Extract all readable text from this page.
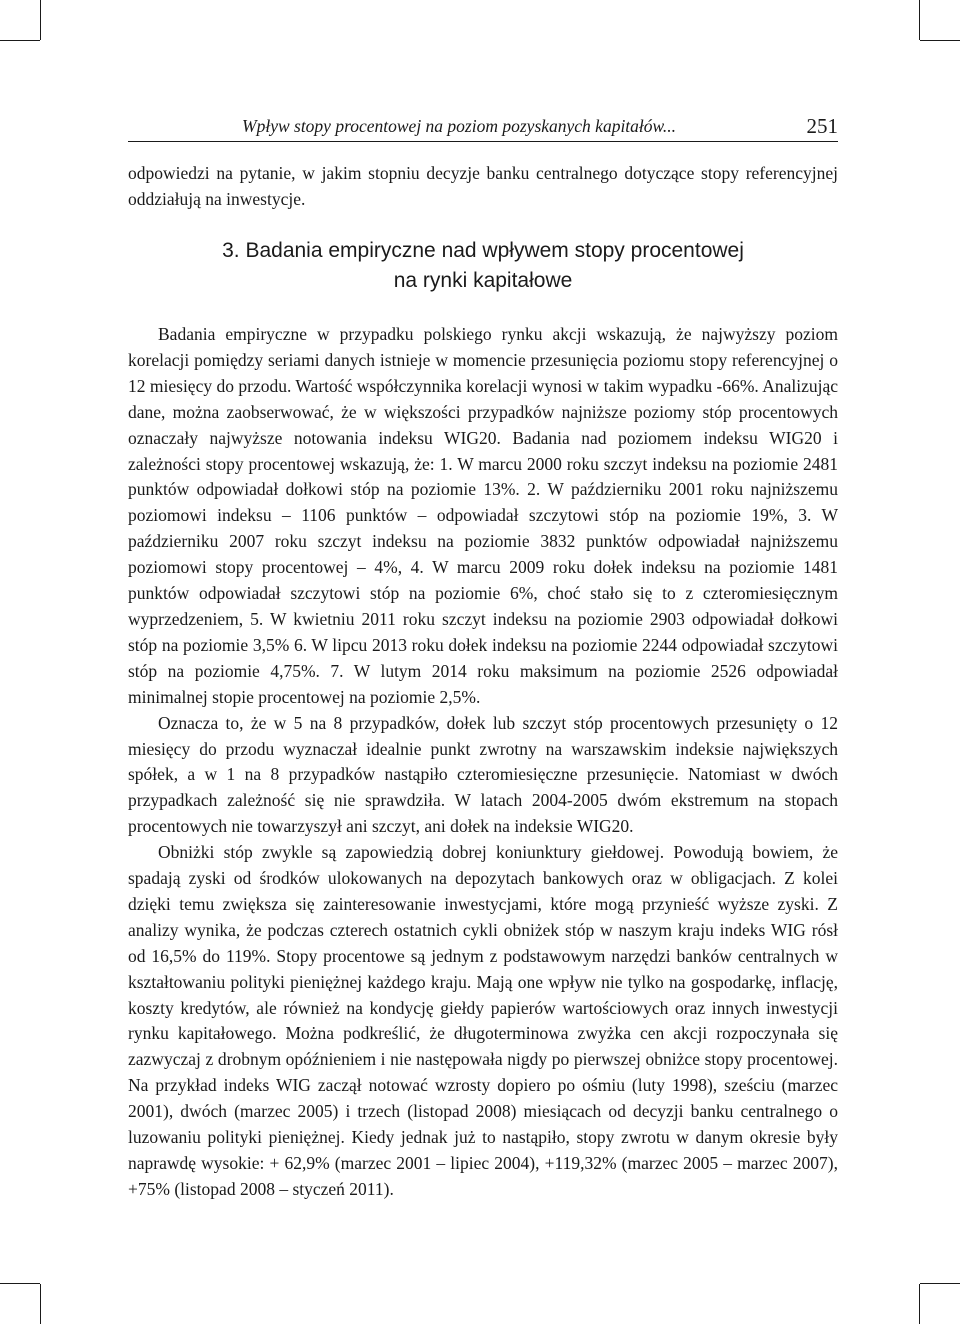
Wpływ stopy procentowej na poziom pozyskanych kapitałów...	251

odpowiedzi na pytanie, w jakim stopniu decyzje banku centralnego dotyczące stopy referencyjnej oddziałują na inwestycje.

3. Badania empiryczne nad wpływem stopy procentowej
na rynki kapitałowe

Badania empiryczne w przypadku polskiego rynku akcji wskazują, że najwyższy poziom korelacji pomiędzy seriami danych istnieje w momencie przesunięcia poziomu stopy referencyjnej o 12 miesięcy do przodu. Wartość współczynnika korelacji wynosi w takim wypadku -66%. Analizując dane, można zaobserwować, że w większości przypadków najniższe poziomy stóp procentowych oznaczały najwyższe notowania indeksu WIG20. Badania nad poziomem indeksu WIG20 i zależności stopy procentowej wskazują, że: 1. W marcu 2000 roku szczyt indeksu na poziomie 2481 punktów odpowiadał dołkowi stóp na poziomie 13%. 2. W październiku 2001 roku najniższemu poziomowi indeksu – 1106 punktów – odpowiadał szczytowi stóp na poziomie 19%, 3. W październiku 2007 roku szczyt indeksu na poziomie 3832 punktów odpowiadał najniższemu poziomowi stopy procentowej – 4%, 4. W marcu 2009 roku dołek indeksu na poziomie 1481 punktów odpowiadał szczytowi stóp na poziomie 6%, choć stało się to z czteromiesięcznym wyprzedzeniem, 5. W kwietniu 2011 roku szczyt indeksu na poziomie 2903 odpowiadał dołkowi stóp na poziomie 3,5% 6. W lipcu 2013 roku dołek indeksu na poziomie 2244 odpowiadał szczytowi stóp na poziomie 4,75%. 7. W lutym 2014 roku maksimum na poziomie 2526 odpowiadał minimalnej stopie procentowej na poziomie 2,5%.

Oznacza to, że w 5 na 8 przypadków, dołek lub szczyt stóp procentowych przesunięty o 12 miesięcy do przodu wyznaczał idealnie punkt zwrotny na warszawskim indeksie największych spółek, a w 1 na 8 przypadków nastąpiło czteromiesięczne przesunięcie. Natomiast w dwóch przypadkach zależność się nie sprawdziła. W latach 2004-2005 dwóm ekstremum na stopach procentowych nie towarzyszył ani szczyt, ani dołek na indeksie WIG20.

Obniżki stóp zwykle są zapowiedzią dobrej koniunktury giełdowej. Powodują bowiem, że spadają zyski od środków ulokowanych na depozytach bankowych oraz w obligacjach. Z kolei dzięki temu zwiększa się zainteresowanie inwestycjami, które mogą przynieść wyższe zyski. Z analizy wynika, że podczas czterech ostatnich cykli obniżek stóp w naszym kraju indeks WIG rósł od 16,5% do 119%. Stopy procentowe są jednym z podstawowym narzędzi banków centralnych w kształtowaniu polityki pieniężnej każdego kraju. Mają one wpływ nie tylko na gospodarkę, inflację, koszty kredytów, ale również na kondycję giełdy papierów wartościowych oraz innych inwestycji rynku kapitałowego. Można podkreślić, że długoterminowa zwyżka cen akcji rozpoczynała się zazwyczaj z drobnym opóźnieniem i nie następowała nigdy po pierwszej obniżce stopy procentowej. Na przykład indeks WIG zaczął notować wzrosty dopiero po ośmiu (luty 1998), sześciu (marzec 2001), dwóch (marzec 2005) i trzech (listopad 2008) miesiącach od decyzji banku centralnego o luzowaniu polityki pieniężnej. Kiedy jednak już to nastąpiło, stopy zwrotu w danym okresie były naprawdę wysokie: + 62,9% (marzec 2001 – lipiec 2004), +119,32% (marzec 2005 – marzec 2007), +75% (listopad 2008 – styczeń 2011).
